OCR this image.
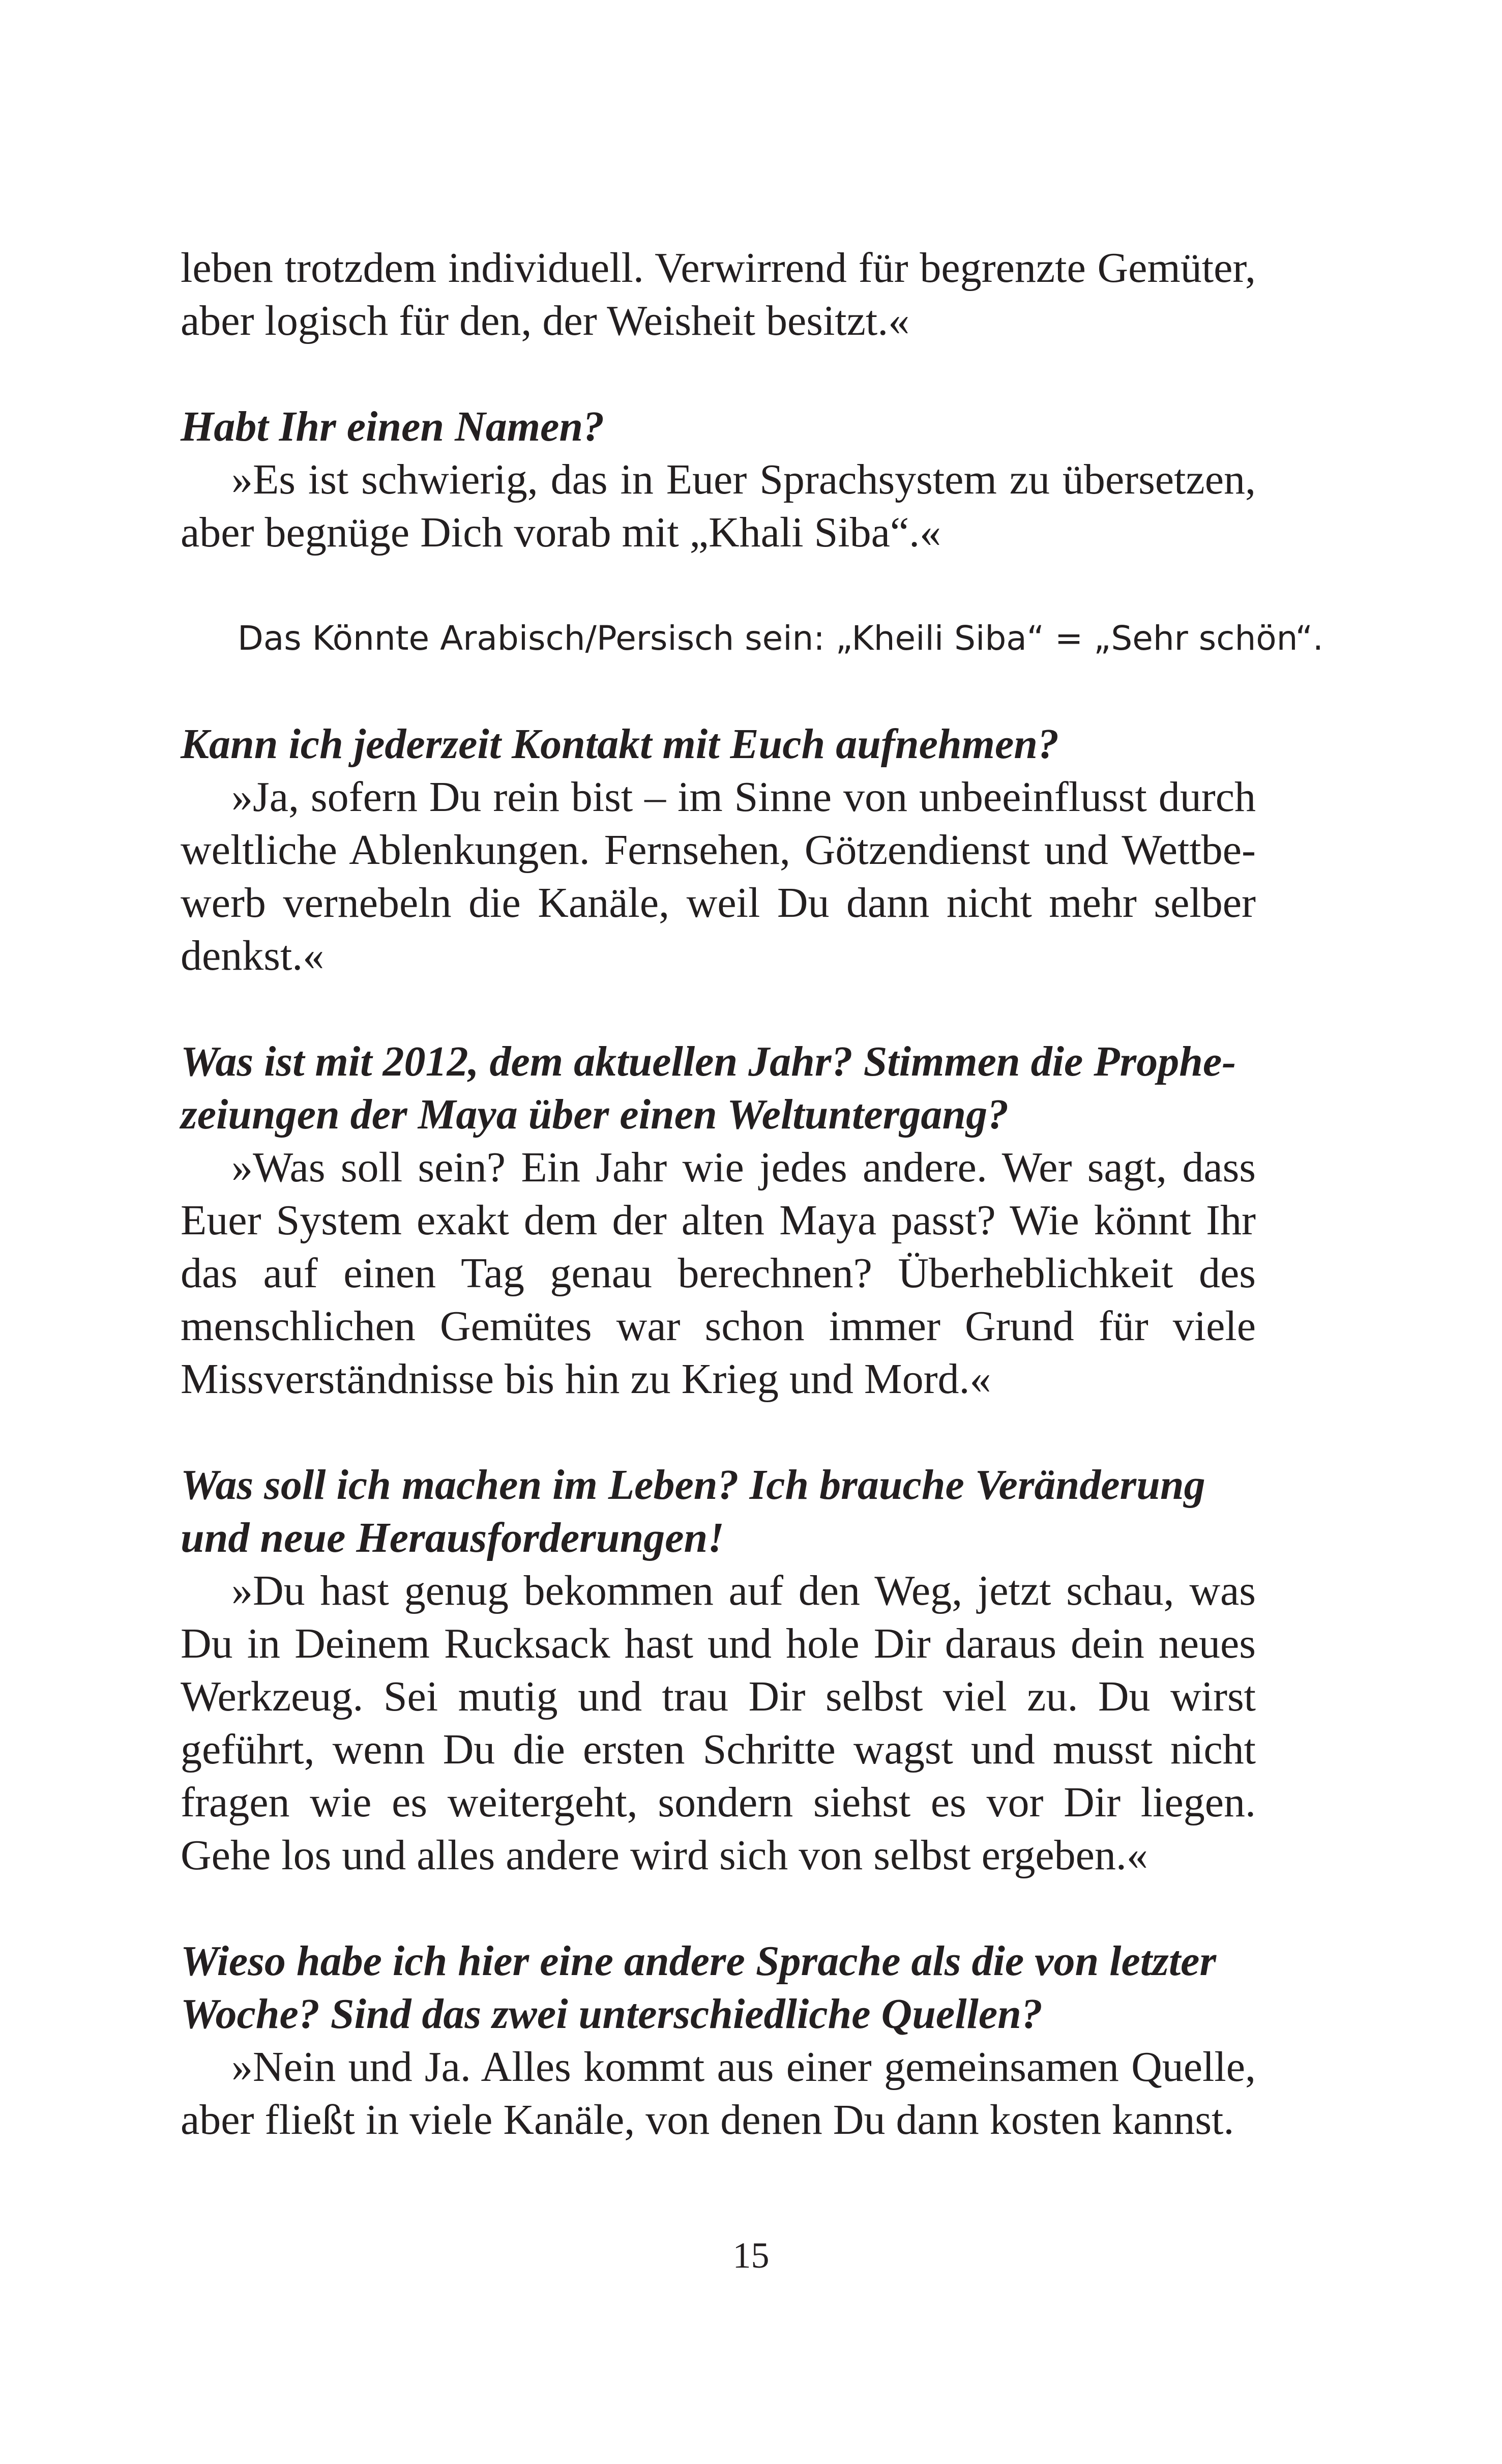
leben trotzdem individuell. Verwirrend für begrenzte Gemüter, aber logisch für den, der Weisheit besitzt.«

Habt Ihr einen Namen?

»Es ist schwierig, das in Euer Sprachsystem zu übersetzen, aber begnüge Dich vorab mit „Khali Siba“.«

Das Könnte Arabisch/Persisch sein: „Kheili Siba“ = „Sehr schön“.

Kann ich jederzeit Kontakt mit Euch aufnehmen?

»Ja, sofern Du rein bist – im Sinne von unbeeinflusst durch weltliche Ablenkungen. Fernsehen, Götzendienst und Wettbewerb vernebeln die Kanäle, weil Du dann nicht mehr selber denkst.«

Was ist mit 2012, dem aktuellen Jahr? Stimmen die Prophezeiungen der Maya über einen Weltuntergang?

»Was soll sein? Ein Jahr wie jedes andere. Wer sagt, dass Euer System exakt dem der alten Maya passt? Wie könnt Ihr das auf einen Tag genau berechnen? Überheblichkeit des menschlichen Gemütes war schon immer Grund für viele Missverständnisse bis hin zu Krieg und Mord.«

Was soll ich machen im Leben? Ich brauche Veränderung und neue Herausforderungen!

»Du hast genug bekommen auf den Weg, jetzt schau, was Du in Deinem Rucksack hast und hole Dir daraus dein neues Werkzeug. Sei mutig und trau Dir selbst viel zu. Du wirst geführt, wenn Du die ersten Schritte wagst und musst nicht fragen wie es weitergeht, sondern siehst es vor Dir liegen. Gehe los und alles andere wird sich von selbst ergeben.«

Wieso habe ich hier eine andere Sprache als die von letzter Woche? Sind das zwei unterschiedliche Quellen?

»Nein und Ja. Alles kommt aus einer gemeinsamen Quelle, aber fließt in viele Kanäle, von denen Du dann kosten kannst.

15
